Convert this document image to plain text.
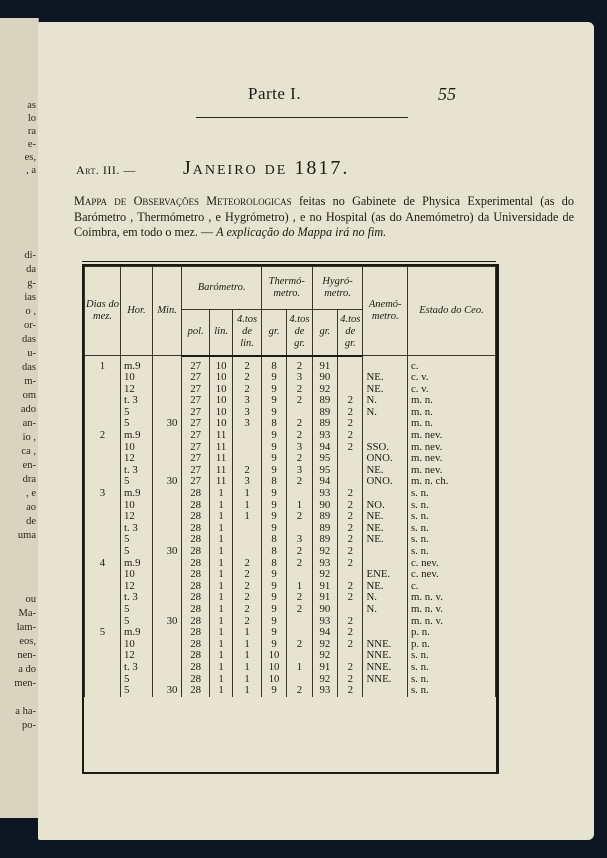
as
lo
ra
e-
es,
, a
di-
da
g-
ias
o ,
or-
das
u-
das
m-
om
ado
an-
io ,
ca ,
en-
dra
, e
ao
de
uma
ou
Ma-
lam-
eos,
nen-
a do
men-
a ha-
po-
Parte I.	55
Art. III. — Janeiro de 1817.
Mappa de Observações Meteorologicas feitas no Gabinete de Physica Experimental (as do Barómetro , Thermómetro , e Hygrómetro) , e no Hospital (as do Anemómetro) da Universidade de Coimbra, em todo o mez. — A explicação do Mappa irá no fim.
Dias do mez.	Hor.	Min.	Barómetro.			Thermó- metro.		Hygró- metro.		Anemó- metro.	Estado do Ceo.
			pol.	lin.	4.tos de lin.	gr.	4.tos de gr.	gr.	4.tos de gr.		

1	m.9		27	10	2	8	2	91			c.
	10		27	10	2	9	3	90		NE.	c. v.
	12		27	10	2	9	2	92		NE.	c. v.
	t. 3		27	10	3	9	2	89	2	N.	m. n.
	5		27	10	3	9		89	2	N.	m. n.
	5	30	27	10	3	8	2	89	2		m. n.
2	m.9		27	11		9	2	93	2		m. nev.
	10		27	11		9	3	94	2	SSO.	m. nev.
	12		27	11		9	2	95		ONO.	m. nev.
	t. 3		27	11	2	9	3	95		NE.	m. nev.
	5	30	27	11	3	8	2	94		ONO.	m. n. ch.
3	m.9		28	1	1	9		93	2		s. n.
	10		28	1	1	9	1	90	2	NO.	s. n.
	12		28	1	1	9	2	89	2	NE.	s. n.
	t. 3		28	1		9		89	2	NE.	s. n.
	5		28	1		8	3	89	2	NE.	s. n.
	5	30	28	1		8	2	92	2		s. n.
4	m.9		28	1	2	8	2	93	2		c. nev.
	10		28	1	2	9		92		ENE.	c. nev.
	12		28	1	2	9	1	91	2	NE.	c.
	t. 3		28	1	2	9	2	91	2	N.	m. n. v.
	5		28	1	2	9	2	90		N.	m. n. v.
	5	30	28	1	2	9		93	2		m. n. v.
5	m.9		28	1	1	9		94	2		p. n.
	10		28	1	1	9	2	92	2	NNE.	p. n.
	12		28	1	1	10		92		NNE.	s. n.
	t. 3		28	1	1	10	1	91	2	NNE.	s. n.
	5		28	1	1	10		92	2	NNE.	s. n.
	5	30	28	1	1	9	2	93	2		s. n.
